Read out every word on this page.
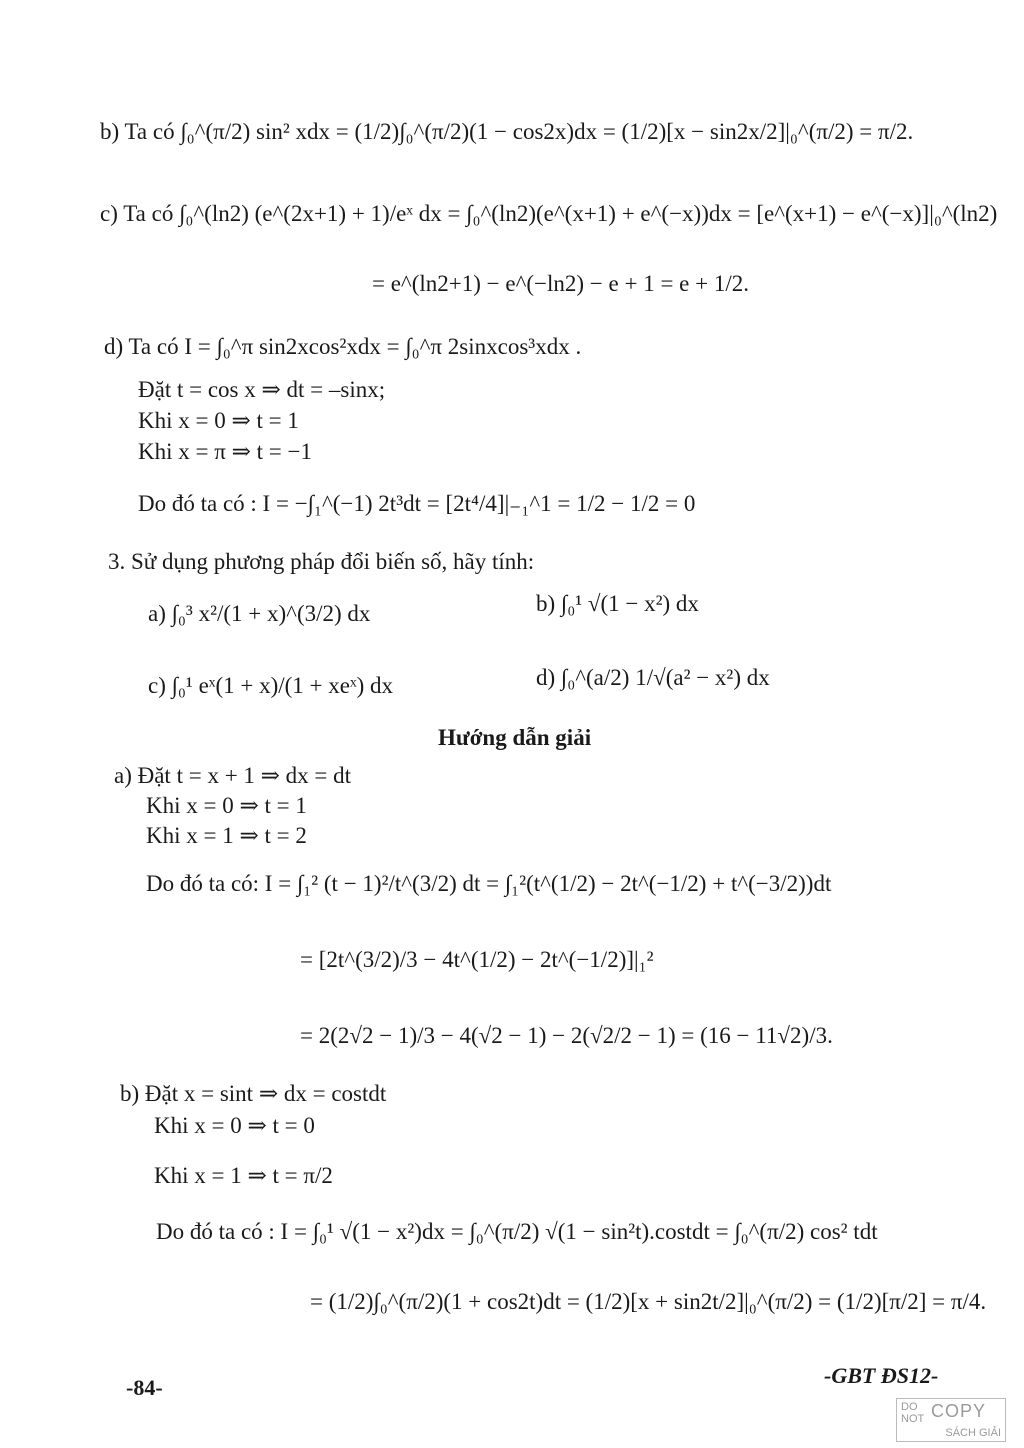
b) Ta có ∫₀^(π/2) sin² xdx = (1/2)∫₀^(π/2)(1 − cos2x)dx = (1/2)[x − sin2x/2]|₀^(π/2) = π/2.
c) Ta có ∫₀^(ln2) (e^(2x+1) + 1)/eˣ dx = ∫₀^(ln2)(e^(x+1) + e^(−x))dx = [e^(x+1) − e^(−x)]|₀^(ln2)
= e^(ln2+1) − e^(−ln2) − e + 1 = e + 1/2.
d) Ta có I = ∫₀^π sin2xcos²xdx = ∫₀^π 2sinxcos³xdx .
Đặt t = cos x ⇒ dt = –sinx;
Khi x = 0 ⇒ t = 1
Khi x = π ⇒ t = −1
Do đó ta có : I = −∫₁^(−1) 2t³dt = [2t⁴/4]|₋₁^1 = 1/2 − 1/2 = 0
3. Sử dụng phương pháp đổi biến số, hãy tính:
a) ∫₀³ x²/(1 + x)^(3/2) dx	b) ∫₀¹ √(1 − x²) dx
c) ∫₀¹ eˣ(1 + x)/(1 + xeˣ) dx	d) ∫₀^(a/2) 1/√(a² − x²) dx
Hướng dẫn giải
a) Đặt t = x + 1 ⇒ dx = dt
Khi x = 0 ⇒ t = 1
Khi x = 1 ⇒ t = 2
Do đó ta có: I = ∫₁² (t − 1)²/t^(3/2) dt = ∫₁²(t^(1/2) − 2t^(−1/2) + t^(−3/2))dt
= [2t^(3/2)/3 − 4t^(1/2) − 2t^(−1/2)]|₁²
= 2(2√2 − 1)/3 − 4(√2 − 1) − 2(√2/2 − 1) = (16 − 11√2)/3.
b) Đặt x = sint ⇒ dx = costdt
Khi x = 0 ⇒ t = 0
Khi x = 1 ⇒ t = π/2
Do đó ta có : I = ∫₀¹ √(1 − x²)dx = ∫₀^(π/2) √(1 − sin²t).costdt = ∫₀^(π/2) cos² tdt
= (1/2)∫₀^(π/2)(1 + cos2t)dt = (1/2)[x + sin2t/2]|₀^(π/2) = (1/2)[π/2] = π/4.
-84-	-GBT ĐS12-
DO COPY
NOT
SÁCH GIẢI
